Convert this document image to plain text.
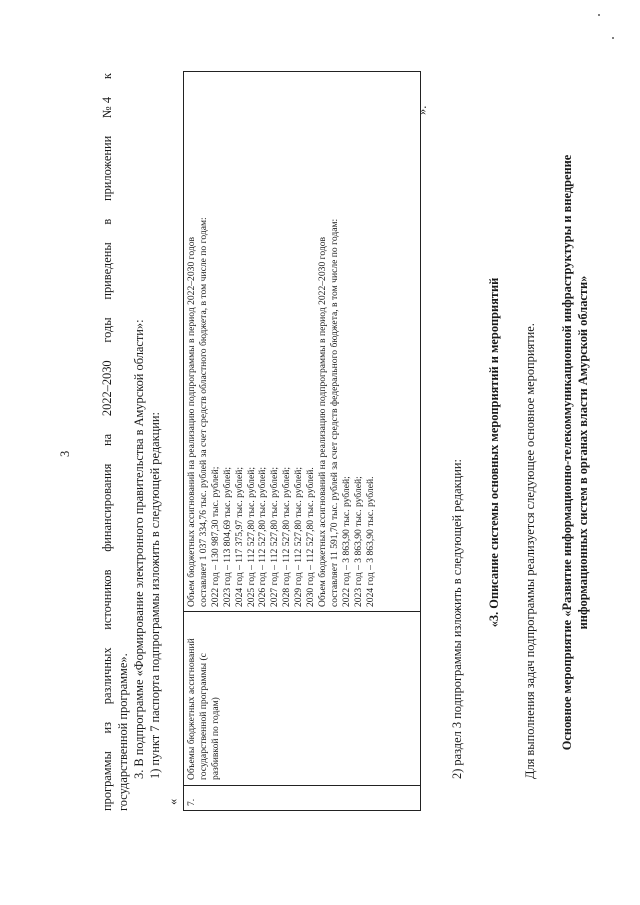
3
программы
из
различных
источников
финансирования
на
2022–2030
годы
приведены
в
приложении
№ 4
к
государственной программе». 3. В подпрограмме «Формирование электронного правительства в Амурской области»: 1) пункт 7 паспорта подпрограммы изложить в следующей редакции:
« 7.
Объемы бюджетных ассигнований государственной программы (с разбивкой по годам)
Объем бюджетных ассигнований на реализацию подпрограммы в период 2022–2030 годов составляет 1 037 334,76 тыс. рублей за счет средств областного бюджета, в том числе по годам: 2022 год – 130 987,30 тыс. рублей; 2023 год – 113 804,69 тыс. рублей; 2024 год – 117 375,97 тыс. рублей; 2025 год – 112 527,80 тыс. рублей; 2026 год – 112 527,80 тыс. рублей; 2027 год – 112 527,80 тыс. рублей; 2028 год – 112 527,80 тыс. рублей; 2029 год – 112 527,80 тыс. рублей; 2030 год – 112 527,80 тыс. рублей. Объем бюджетных ассигнований на реализацию подпрограммы в период 2022–2030 годов составляет 11 591,70 тыс. рублей за счет средств федерального бюджета, в том числе по годам: 2022 год – 3 863,90 тыс. рублей; 2023 год – 3 863,90 тыс. рублей; 2024 год – 3 863,90 тыс. рублей.
».
2) раздел 3 подпрограммы изложить в следующей редакции: «3. Описание системы основных мероприятий и мероприятий Для выполнения задач подпрограммы реализуется следующее основное мероприятие. Основное мероприятие «Развитие информационно-телекоммуникационной инфраструктуры и внедрение информационных систем в органах власти Амурской области»
